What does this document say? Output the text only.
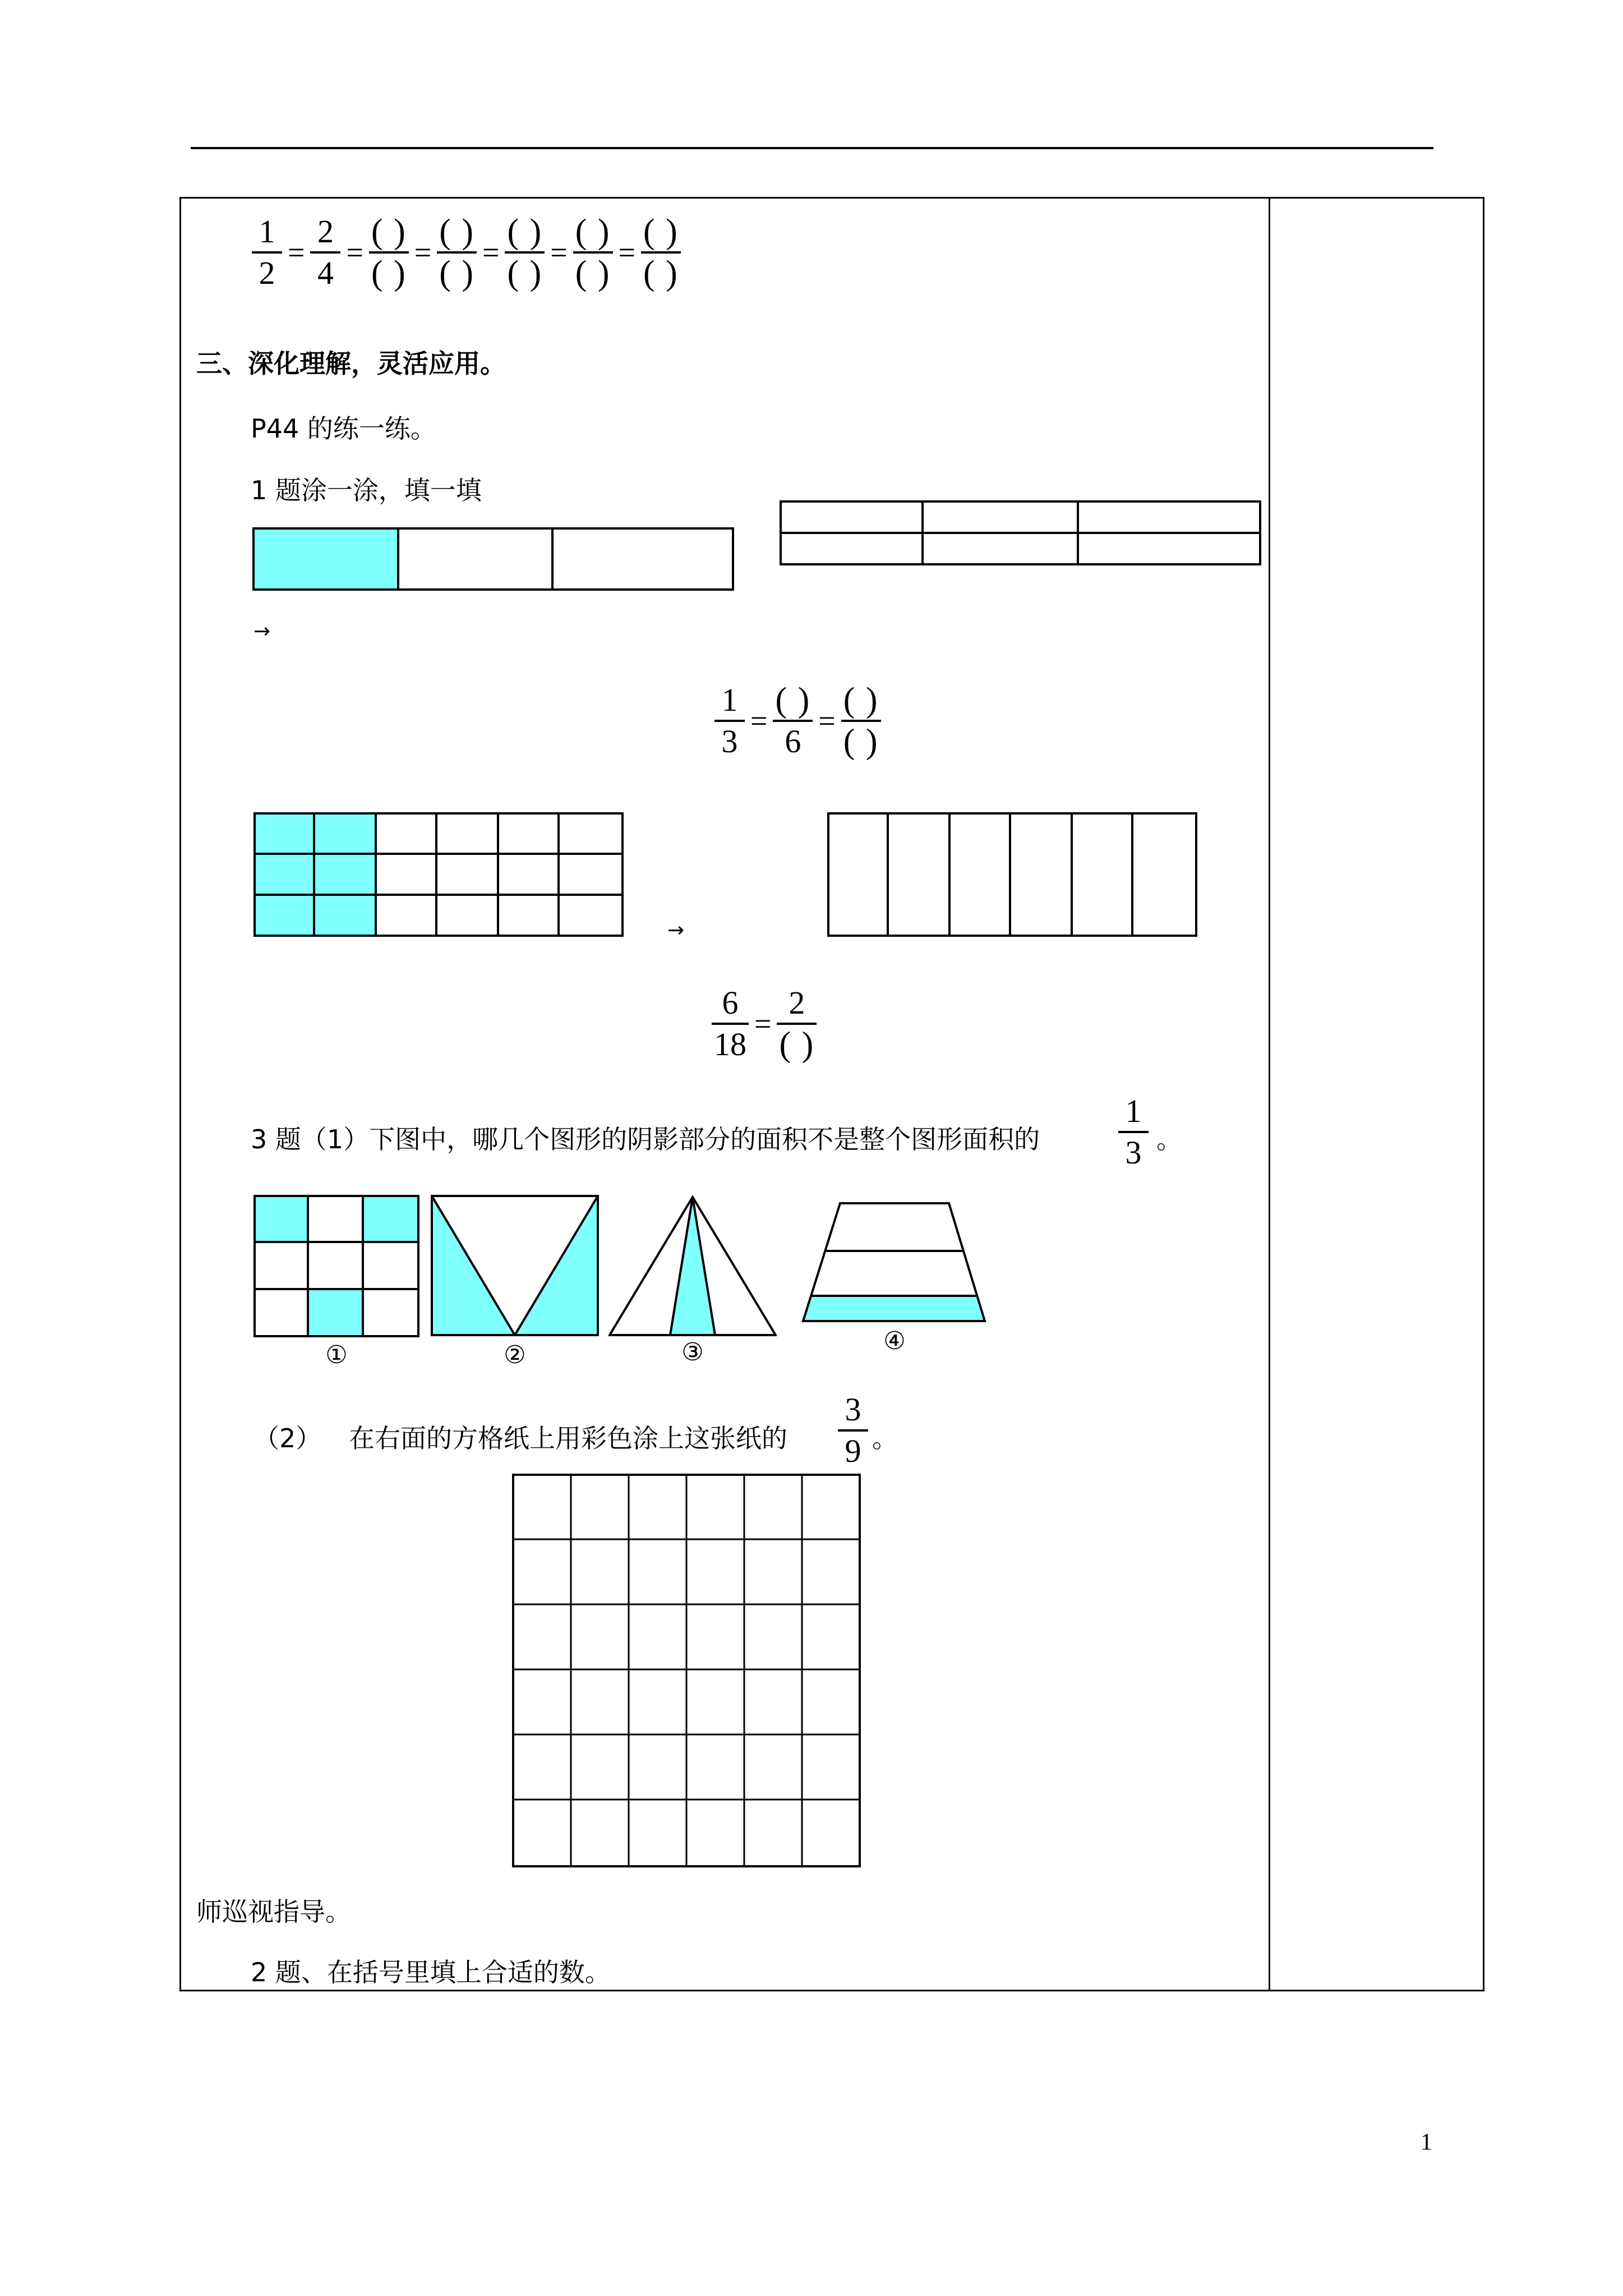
1
2
=
2
4
=
( )
( )
=
( )
( )
=
( )
( )
=
( )
( )
=
( )
( )
三、深化理解，灵活应用。
P44 的练一练。
1 题涂一涂，填一填
→
1
3
=
( )
6
=
( )
( )
→
6
18
=
2
( )
3 题（1）下图中，哪几个图形的阴影部分的面积不是整个图形面积的
1
3 。
①	②	③	④
（2） 在右面的方格纸上用彩色涂上这张纸的
3
9 。
师巡视指导。
2 题、在括号里填上合适的数。
1
